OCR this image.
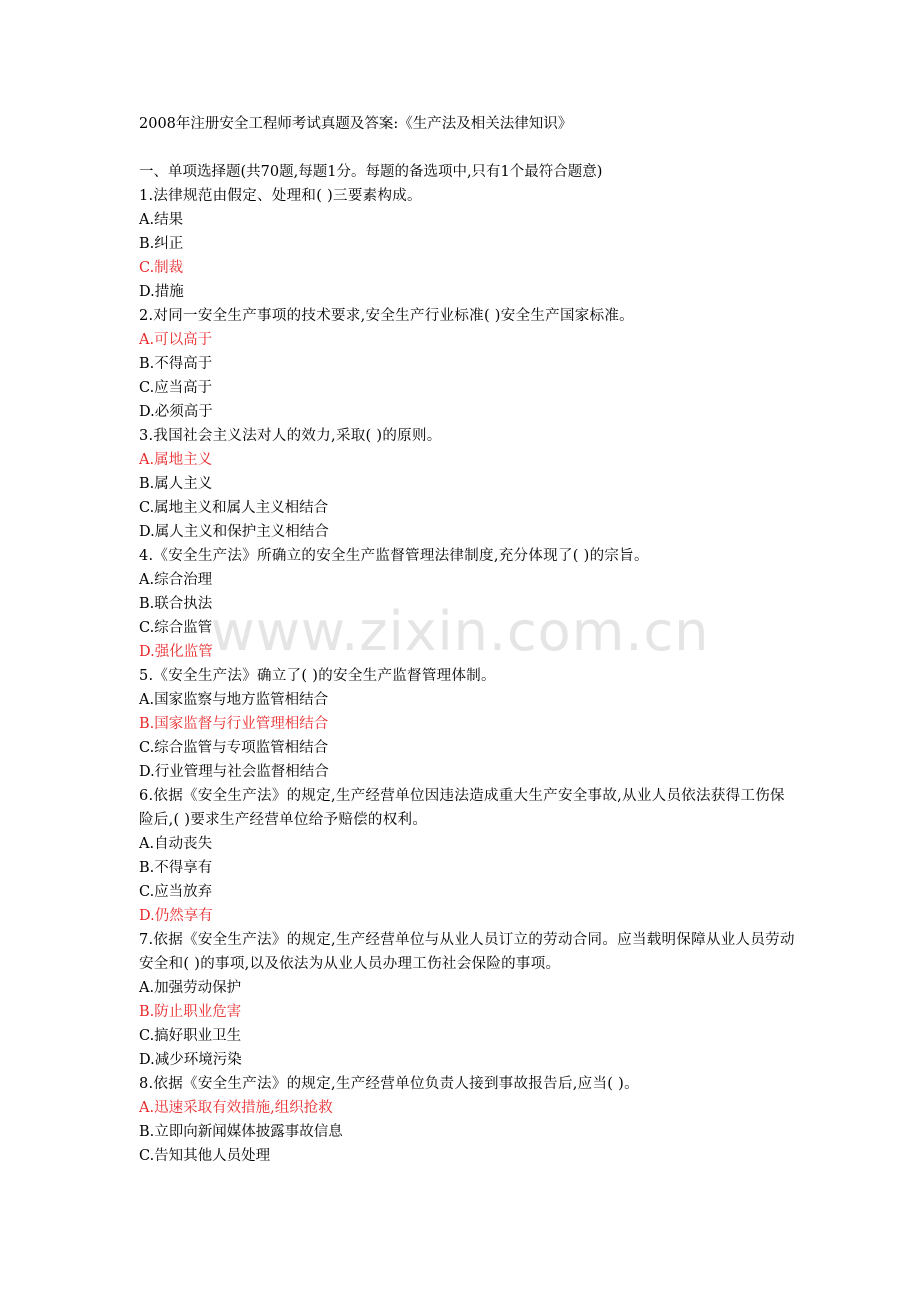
www.zixin.com.cn
2008年注册安全工程师考试真题及答案:《生产法及相关法律知识》
一、单项选择题(共70题,每题1分。每题的备选项中,只有1个最符合题意)
1.法律规范由假定、处理和( )三要素构成。
A.结果
B.纠正
C.制裁
D.措施
2.对同一安全生产事项的技术要求,安全生产行业标准( )安全生产国家标准。
A.可以高于
B.不得高于
C.应当高于
D.必须高于
3.我国社会主义法对人的效力,采取( )的原则。
A.属地主义
B.属人主义
C.属地主义和属人主义相结合
D.属人主义和保护主义相结合
4.《安全生产法》所确立的安全生产监督管理法律制度,充分体现了( )的宗旨。
A.综合治理
B.联合执法
C.综合监管
D.强化监管
5.《安全生产法》确立了( )的安全生产监督管理体制。
A.国家监察与地方监管相结合
B.国家监督与行业管理相结合
C.综合监管与专项监管相结合
D.行业管理与社会监督相结合
6.依据《安全生产法》的规定,生产经营单位因违法造成重大生产安全事故,从业人员依法获得工伤保险后,( )要求生产经营单位给予赔偿的权利。
A.自动丧失
B.不得享有
C.应当放弃
D.仍然享有
7.依据《安全生产法》的规定,生产经营单位与从业人员订立的劳动合同。应当载明保障从业人员劳动安全和( )的事项,以及依法为从业人员办理工伤社会保险的事项。
A.加强劳动保护
B.防止职业危害
C.搞好职业卫生
D.减少环境污染
8.依据《安全生产法》的规定,生产经营单位负责人接到事故报告后,应当( )。
A.迅速采取有效措施,组织抢救
B.立即向新闻媒体披露事故信息
C.告知其他人员处理
